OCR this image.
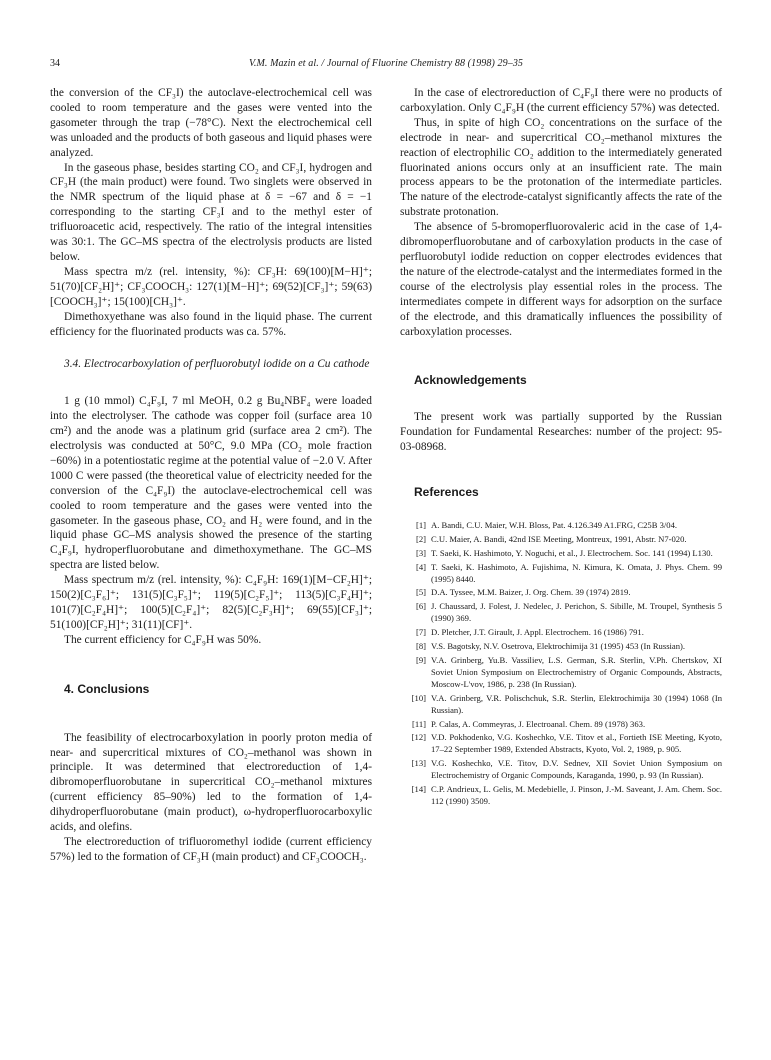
34	V.M. Mazin et al. / Journal of Fluorine Chemistry 88 (1998) 29–35

the conversion of the CF₃I) the autoclave-electrochemical cell was cooled to room temperature and the gases were vented into the gasometer through the trap (−78°C). Next the electrochemical cell was unloaded and the products of both gaseous and liquid phases were analyzed.

In the gaseous phase, besides starting CO₂ and CF₃I, hydrogen and CF₃H (the main product) were found. Two singlets were observed in the NMR spectrum of the liquid phase at δ = −67 and δ = −1 corresponding to the starting CF₃I and to the methyl ester of trifluoroacetic acid, respectively. The ratio of the integral intensities was 30:1. The GC–MS spectra of the electrolysis products are listed below.

Mass spectra m/z (rel. intensity, %): CF₃H: 69(100)[M−H]⁺; 51(70)[CF₂H]⁺; CF₃COOCH₃: 127(1)[M−H]⁺; 69(52)[CF₃]⁺; 59(63)[COOCH₃]⁺; 15(100)[CH₃]⁺.

Dimethoxyethane was also found in the liquid phase. The current efficiency for the fluorinated products was ca. 57%.

3.4. Electrocarboxylation of perfluorobutyl iodide on a Cu cathode

1 g (10 mmol) C₄F₉I, 7 ml MeOH, 0.2 g Bu₄NBF₄ were loaded into the electrolyser. The cathode was copper foil (surface area 10 cm²) and the anode was a platinum grid (surface area 2 cm²). The electrolysis was conducted at 50°C, 9.0 MPa (CO₂ mole fraction −60%) in a potentiostatic regime at the potential value of −2.0 V. After 1000 C were passed (the theoretical value of electricity needed for the conversion of the C₄F₉I) the autoclave-electrochemical cell was cooled to room temperature and the gases were vented into the gasometer. In the gaseous phase, CO₂ and H₂ were found, and in the liquid phase GC–MS analysis showed the presence of the starting C₄F₉I, hydroperfluorobutane and dimethoxymethane. The GC–MS spectra are listed below.

Mass spectrum m/z (rel. intensity, %): C₄F₉H: 169(1)[M−CF₂H]⁺; 150(2)[C₃F₆]⁺; 131(5)[C₃F₅]⁺; 119(5)[C₂F₅]⁺; 113(5)[C₃F₄H]⁺; 101(7)[C₂F₄H]⁺; 100(5)[C₂F₄]⁺; 82(5)[C₂F₃H]⁺; 69(55)[CF₃]⁺; 51(100)[CF₂H]⁺; 31(11)[CF]⁺.

The current efficiency for C₄F₉H was 50%.

4. Conclusions

The feasibility of electrocarboxylation in poorly proton media of near- and supercritical mixtures of CO₂–methanol was shown in principle. It was determined that electroreduction of 1,4-dibromoperfluorobutane in supercritical CO₂–methanol mixtures (current efficiency 85–90%) led to the formation of 1,4-dihydroperfluorobutane (main product), ω-hydroperfluorocarboxylic acids, and olefins.

The electroreduction of trifluoromethyl iodide (current efficiency 57%) led to the formation of CF₃H (main product) and CF₃COOCH₃.

In the case of electroreduction of C₄F₉I there were no products of carboxylation. Only C₄F₉H (the current efficiency 57%) was detected.

Thus, in spite of high CO₂ concentrations on the surface of the electrode in near- and supercritical CO₂–methanol mixtures the reaction of electrophilic CO₂ addition to the intermediately generated fluorinated anions occurs only at an insufficient rate. The main process appears to be the protonation of the intermediate particles. The nature of the electrode-catalyst significantly affects the rate of the substrate protonation.

The absence of 5-bromoperfluorovaleric acid in the case of 1,4-dibromoperfluorobutane and of carboxylation products in the case of perfluorobutyl iodide reduction on copper electrodes evidences that the nature of the electrode-catalyst and the intermediates formed in the course of the electrolysis play essential roles in the process. The intermediates compete in different ways for adsorption on the surface of the electrode, and this dramatically influences the possibility of carboxylation processes.

Acknowledgements

The present work was partially supported by the Russian Foundation for Fundamental Researches: number of the project: 95-03-08968.

References

[1] A. Bandi, C.U. Maier, W.H. Bloss, Pat. 4.126.349 A1.FRG, C25B 3/04.
[2] C.U. Maier, A. Bandi, 42nd ISE Meeting, Montreux, 1991, Abstr. N7-020.
[3] T. Saeki, K. Hashimoto, Y. Noguchi, et al., J. Electrochem. Soc. 141 (1994) L130.
[4] T. Saeki, K. Hashimoto, A. Fujishima, N. Kimura, K. Omata, J. Phys. Chem. 99 (1995) 8440.
[5] D.A. Tyssee, M.M. Baizer, J. Org. Chem. 39 (1974) 2819.
[6] J. Chaussard, J. Folest, J. Nedelec, J. Perichon, S. Sibille, M. Troupel, Synthesis 5 (1990) 369.
[7] D. Pletcher, J.T. Girault, J. Appl. Electrochem. 16 (1986) 791.
[8] V.S. Bagotsky, N.V. Osetrova, Elektrochimija 31 (1995) 453 (In Russian).
[9] V.A. Grinberg, Yu.B. Vassiliev, L.S. German, S.R. Sterlin, V.Ph. Chertskov, XI Soviet Union Symposium on Electrochemistry of Organic Compounds, Abstracts, Moscow-L'vov, 1986, p. 238 (In Russian).
[10] V.A. Grinberg, V.R. Polischchuk, S.R. Sterlin, Elektrochimija 30 (1994) 1068 (In Russian).
[11] P. Calas, A. Commeyras, J. Electroanal. Chem. 89 (1978) 363.
[12] V.D. Pokhodenko, V.G. Koshechko, V.E. Titov et al., Fortieth ISE Meeting, Kyoto, 17–22 September 1989, Extended Abstracts, Kyoto, Vol. 2, 1989, p. 905.
[13] V.G. Koshechko, V.E. Titov, D.V. Sednev, XII Soviet Union Symposium on Electrochemistry of Organic Compounds, Karaganda, 1990, p. 93 (In Russian).
[14] C.P. Andrieux, L. Gelis, M. Medebielle, J. Pinson, J.-M. Saveant, J. Am. Chem. Soc. 112 (1990) 3509.
